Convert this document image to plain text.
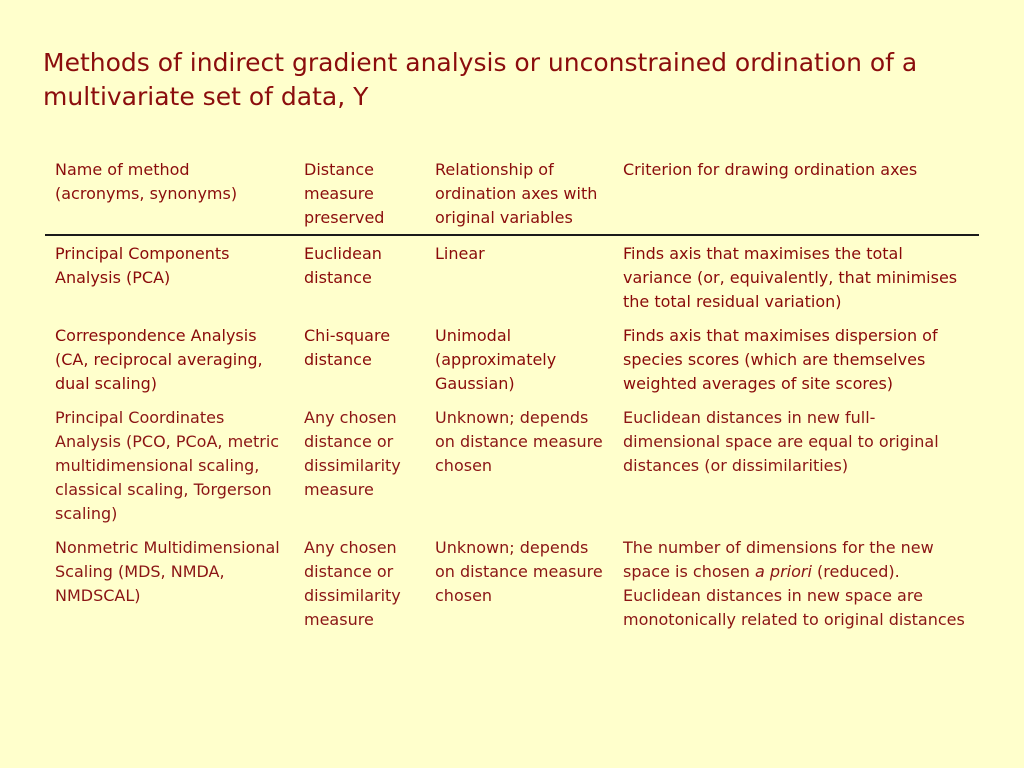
Methods of indirect gradient analysis or unconstrained ordination of a multivariate set of data, Y
Name of method (acronyms, synonyms)	Distance measure preserved	Relationship of ordination axes with original variables	Criterion for drawing ordination axes
Principal Components Analysis (PCA)	Euclidean distance	Linear	Finds axis that maximises the total variance (or, equivalently, that minimises the total residual variation)
Correspondence Analysis (CA, reciprocal averaging, dual scaling)	Chi-square distance	Unimodal (approximately Gaussian)	Finds axis that maximises dispersion of species scores (which are themselves weighted averages of site scores)
Principal Coordinates Analysis (PCO, PCoA, metric multidimensional scaling, classical scaling, Torgerson scaling)	Any chosen distance or dissimilarity measure	Unknown; depends on distance measure chosen	Euclidean distances in new full-dimensional space are equal to original distances (or dissimilarities)
Nonmetric Multidimensional Scaling (MDS, NMDA, NMDSCAL)	Any chosen distance or dissimilarity measure	Unknown; depends on distance measure chosen	The number of dimensions for the new space is chosen a priori (reduced). Euclidean distances in new space are monotonically related to original distances
